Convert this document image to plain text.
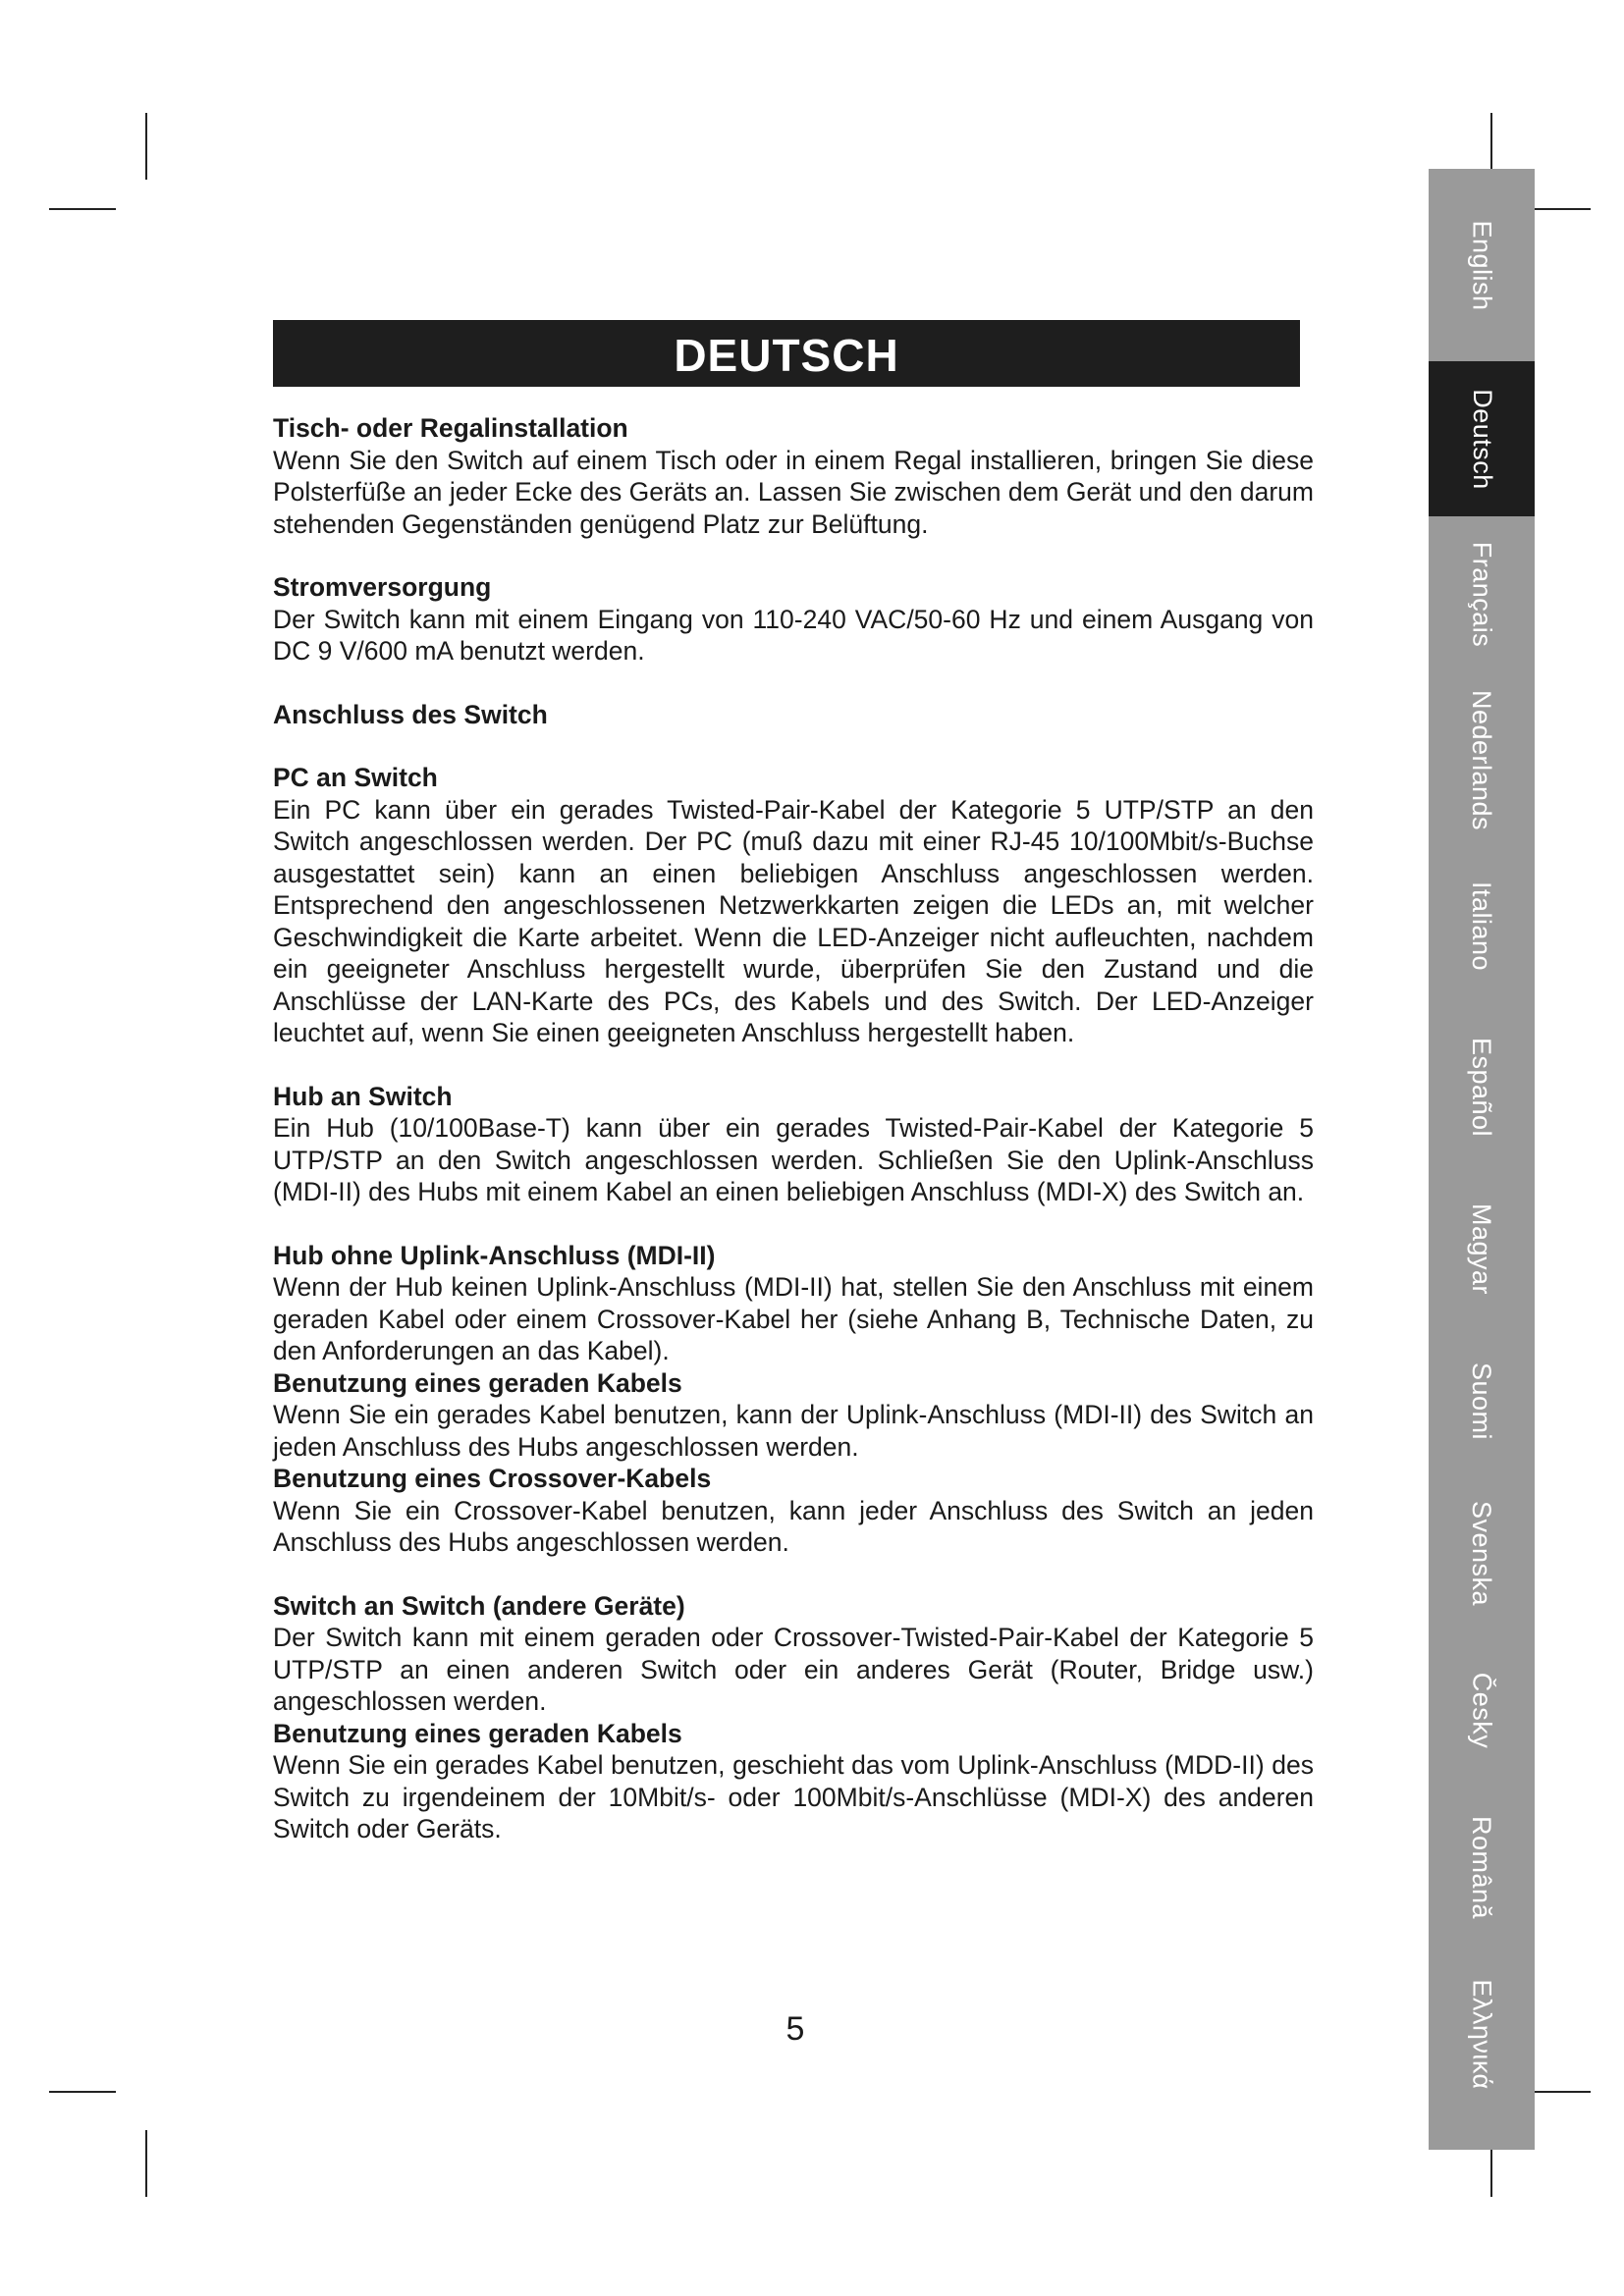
DEUTSCH
Tisch- oder Regalinstallation
Wenn Sie den Switch auf einem Tisch oder in einem Regal installieren, bringen Sie diese Polsterfüße an jeder Ecke des Geräts an. Lassen Sie zwischen dem Gerät und den darum stehenden Gegenständen genügend Platz zur Belüftung.
Stromversorgung
Der Switch kann mit einem Eingang von 110-240 VAC/50-60 Hz und einem Ausgang von DC 9 V/600 mA benutzt werden.
Anschluss des Switch
PC an Switch
Ein PC kann über ein gerades Twisted-Pair-Kabel der Kategorie 5 UTP/STP an den Switch angeschlossen werden. Der PC (muß dazu mit einer RJ-45 10/100Mbit/s-Buchse ausgestattet sein) kann an einen beliebigen Anschluss angeschlossen werden. Entsprechend den angeschlossenen Netzwerkkarten zeigen die LEDs an, mit welcher Geschwindigkeit die Karte arbeitet. Wenn die LED-Anzeiger nicht aufleuchten, nachdem ein geeigneter Anschluss hergestellt wurde, überprüfen Sie den Zustand und die Anschlüsse der LAN-Karte des PCs, des Kabels und des Switch. Der LED-Anzeiger leuchtet auf, wenn Sie einen geeigneten Anschluss hergestellt haben.
Hub an Switch
Ein Hub (10/100Base-T) kann über ein gerades Twisted-Pair-Kabel der Kategorie 5 UTP/STP an den Switch angeschlossen werden. Schließen Sie den Uplink-Anschluss (MDI-II) des Hubs mit einem Kabel an einen beliebigen Anschluss (MDI-X) des Switch an.
Hub ohne Uplink-Anschluss (MDI-II)
Wenn der Hub keinen Uplink-Anschluss (MDI-II) hat, stellen Sie den Anschluss mit einem geraden Kabel oder einem Crossover-Kabel her (siehe Anhang B, Technische Daten, zu den Anforderungen an das Kabel).
Benutzung eines geraden Kabels
Wenn Sie ein gerades Kabel benutzen, kann der Uplink-Anschluss (MDI-II) des Switch an jeden Anschluss des Hubs angeschlossen werden.
Benutzung eines Crossover-Kabels
Wenn Sie ein Crossover-Kabel benutzen, kann jeder Anschluss des Switch an jeden Anschluss des Hubs angeschlossen werden.
Switch an Switch (andere Geräte)
Der Switch kann mit einem geraden oder Crossover-Twisted-Pair-Kabel der Kategorie 5 UTP/STP an einen anderen Switch oder ein anderes Gerät (Router, Bridge usw.) angeschlossen werden.
Benutzung eines geraden Kabels
Wenn Sie ein gerades Kabel benutzen, geschieht das vom Uplink-Anschluss (MDD-II) des Switch zu irgendeinem der 10Mbit/s- oder 100Mbit/s-Anschlüsse (MDI-X) des anderen Switch oder Geräts.
5
English
Deutsch
Français
Nederlands
Italiano
Español
Magyar
Suomi
Svenska
Česky
Română
Ελληνικά
